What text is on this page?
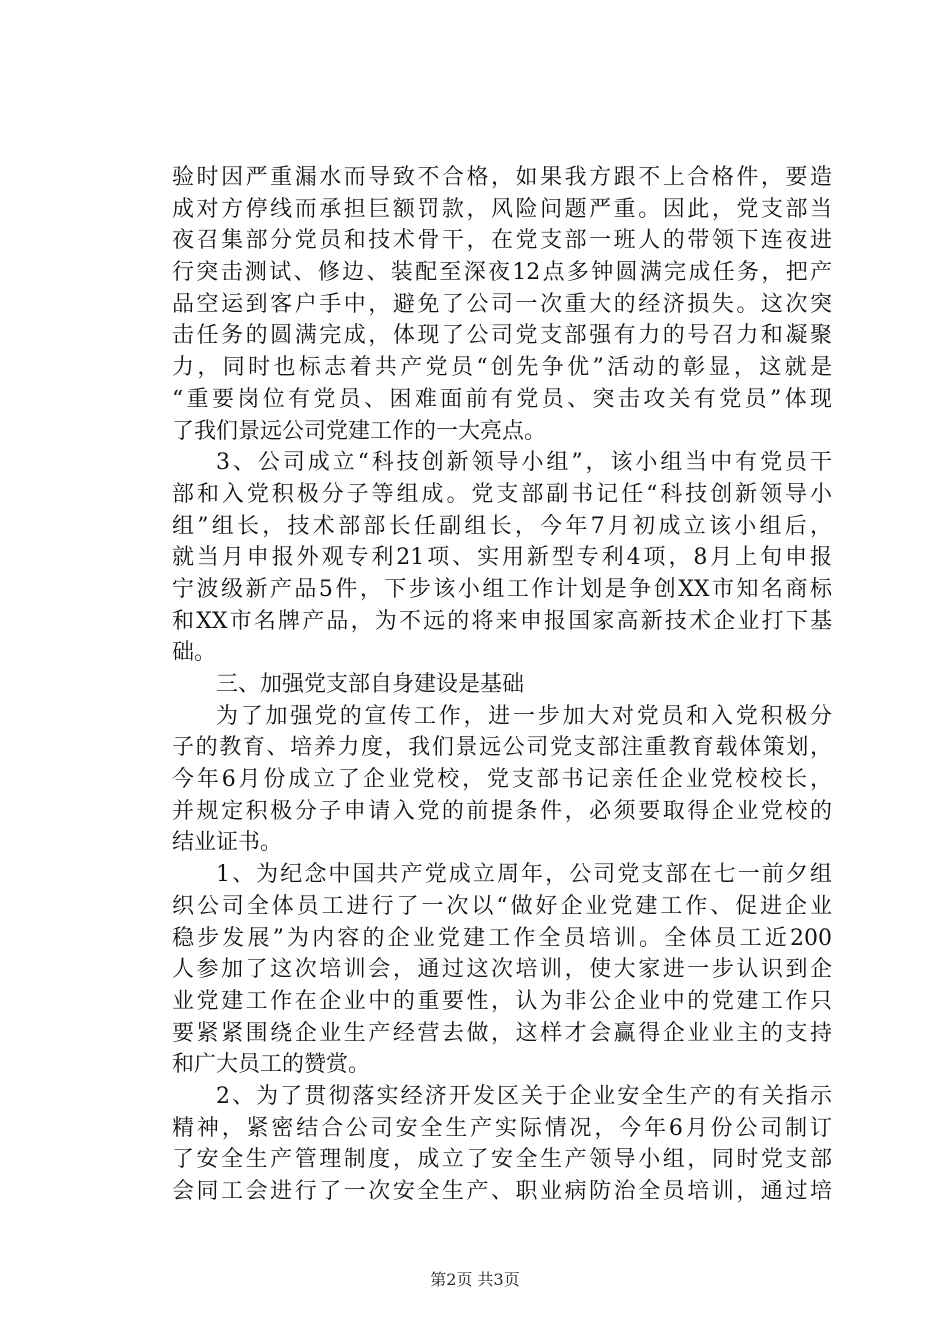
验时因严重漏水而导致不合格，如果我方跟不上合格件，要造
成对方停线而承担巨额罚款，风险问题严重。因此，党支部当
夜召集部分党员和技术骨干，在党支部一班人的带领下连夜进
行突击测试、修边、装配至深夜12点多钟圆满完成任务，把产
品空运到客户手中，避免了公司一次重大的经济损失。这次突
击任务的圆满完成，体现了公司党支部强有力的号召力和凝聚
力，同时也标志着共产党员“创先争优”活动的彰显，这就是
“重要岗位有党员、困难面前有党员、突击攻关有党员”体现
了我们景远公司党建工作的一大亮点。
3、公司成立“科技创新领导小组”，该小组当中有党员干
部和入党积极分子等组成。党支部副书记任“科技创新领导小
组”组长，技术部部长任副组长，今年7月初成立该小组后，
就当月申报外观专利21项、实用新型专利4项，8月上旬申报
宁波级新产品5件，下步该小组工作计划是争创XX市知名商标
和XX市名牌产品，为不远的将来申报国家高新技术企业打下基
础。
三、加强党支部自身建设是基础
为了加强党的宣传工作，进一步加大对党员和入党积极分
子的教育、培养力度，我们景远公司党支部注重教育载体策划，
今年6月份成立了企业党校，党支部书记亲任企业党校校长，
并规定积极分子申请入党的前提条件，必须要取得企业党校的
结业证书。
1、为纪念中国共产党成立周年，公司党支部在七一前夕组
织公司全体员工进行了一次以“做好企业党建工作、促进企业
稳步发展”为内容的企业党建工作全员培训。全体员工近200
人参加了这次培训会，通过这次培训，使大家进一步认识到企
业党建工作在企业中的重要性，认为非公企业中的党建工作只
要紧紧围绕企业生产经营去做，这样才会赢得企业业主的支持
和广大员工的赞赏。
2、为了贯彻落实经济开发区关于企业安全生产的有关指示
精神，紧密结合公司安全生产实际情况，今年6月份公司制订
了安全生产管理制度，成立了安全生产领导小组，同时党支部
会同工会进行了一次安全生产、职业病防治全员培训，通过培
第2页 共3页
